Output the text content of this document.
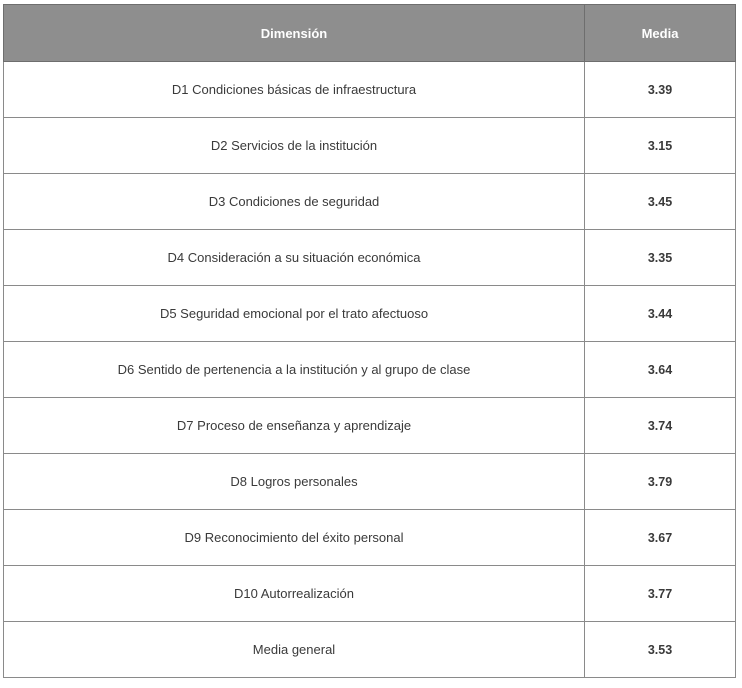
Dimensión	Media
D1 Condiciones básicas de infraestructura	3.39
D2 Servicios de la institución	3.15
D3 Condiciones de seguridad	3.45
D4 Consideración a su situación económica	3.35
D5 Seguridad emocional por el trato afectuoso	3.44
D6 Sentido de pertenencia a la institución y al grupo de clase	3.64
D7 Proceso de enseñanza y aprendizaje	3.74
D8 Logros personales	3.79
D9 Reconocimiento del éxito personal	3.67
D10 Autorrealización	3.77
Media general	3.53
